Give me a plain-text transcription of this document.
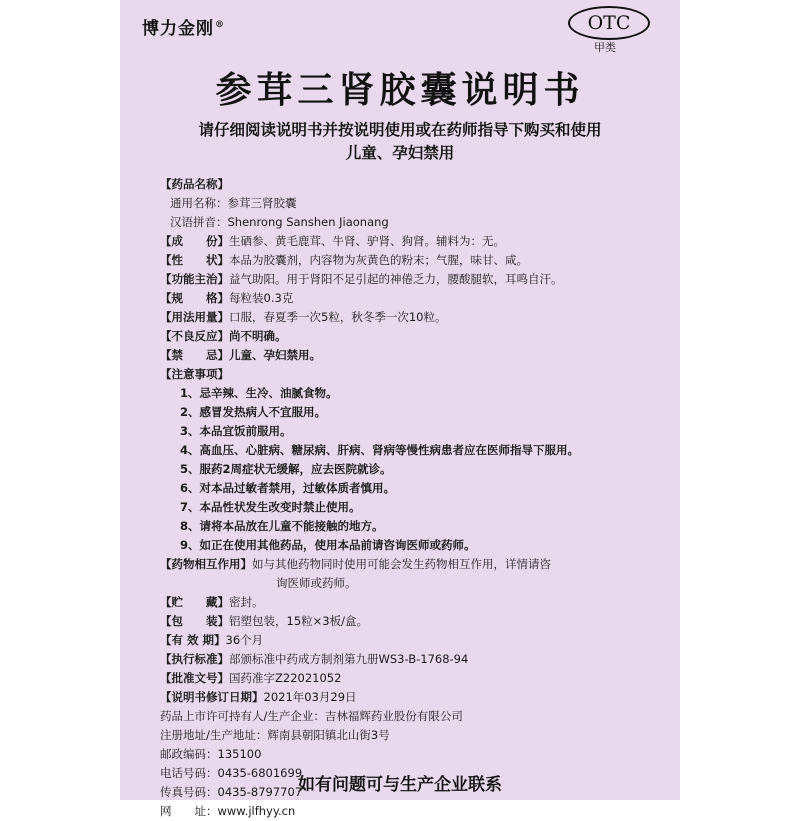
博力金刚®	OTC
甲类
参茸三肾胶囊说明书
请仔细阅读说明书并按说明使用或在药师指导下购买和使用
儿童、孕妇禁用
【药品名称】
通用名称：参茸三肾胶囊
汉语拼音：Shenrong Sanshen Jiaonang
【成　　份】生硒参、黄毛鹿茸、牛肾、驴肾、狗肾。辅料为：无。
【性　　状】本品为胶囊剂，内容物为灰黄色的粉末；气腥，味甘、咸。
【功能主治】益气助阳。用于肾阳不足引起的神倦乏力，腰酸腿软，耳鸣自汗。
【规　　格】每粒装0.3克
【用法用量】口服，春夏季一次5粒，秋冬季一次10粒。
【不良反应】尚不明确。
【禁　　忌】儿童、孕妇禁用。
【注意事项】
1、忌辛辣、生冷、油腻食物。
2、感冒发热病人不宜服用。
3、本品宜饭前服用。
4、高血压、心脏病、糖尿病、肝病、肾病等慢性病患者应在医师指导下服用。
5、服药2周症状无缓解，应去医院就诊。
6、对本品过敏者禁用，过敏体质者慎用。
7、本品性状发生改变时禁止使用。
8、请将本品放在儿童不能接触的地方。
9、如正在使用其他药品，使用本品前请咨询医师或药师。
【药物相互作用】如与其他药物同时使用可能会发生药物相互作用，详情请咨
询医师或药师。
【贮　　藏】密封。
【包　　装】铝塑包装，15粒×3板/盒。
【有 效 期】36个月
【执行标准】部颁标准中药成方制剂第九册WS3-B-1768-94
【批准文号】国药准字Z22021052
【说明书修订日期】2021年03月29日
药品上市许可持有人/生产企业：吉林福辉药业股份有限公司
注册地址/生产地址：辉南县朝阳镇北山街3号
邮政编码：135100
电话号码：0435-6801699
传真号码：0435-8797707
网　　址：www.jlfhyy.cn
如有问题可与生产企业联系
